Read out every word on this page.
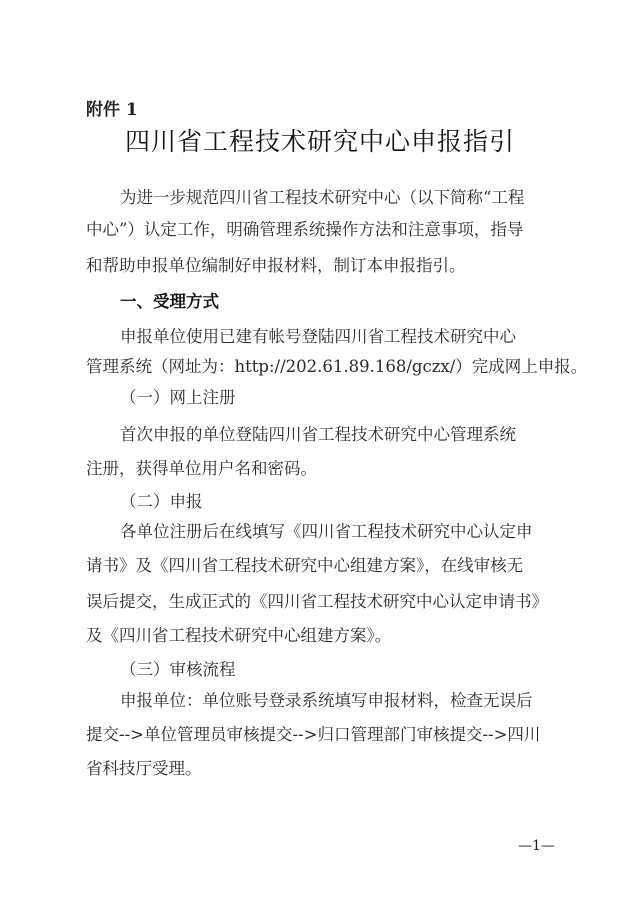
附件 1
四川省工程技术研究中心申报指引
为进一步规范四川省工程技术研究中心（以下简称“工程
中心”）认定工作，明确管理系统操作方法和注意事项，指导
和帮助申报单位编制好申报材料，制订本申报指引。
一、受理方式
申报单位使用已建有帐号登陆四川省工程技术研究中心
管理系统（网址为：http://202.61.89.168/gczx/）完成网上申报。
（一）网上注册
首次申报的单位登陆四川省工程技术研究中心管理系统
注册，获得单位用户名和密码。
（二）申报
各单位注册后在线填写《四川省工程技术研究中心认定申
请书》及《四川省工程技术研究中心组建方案》，在线审核无
误后提交，生成正式的《四川省工程技术研究中心认定申请书》
及《四川省工程技术研究中心组建方案》。
（三）审核流程
申报单位：单位账号登录系统填写申报材料，检查无误后
提交-->单位管理员审核提交-->归口管理部门审核提交-->四川
省科技厅受理。
—1—
